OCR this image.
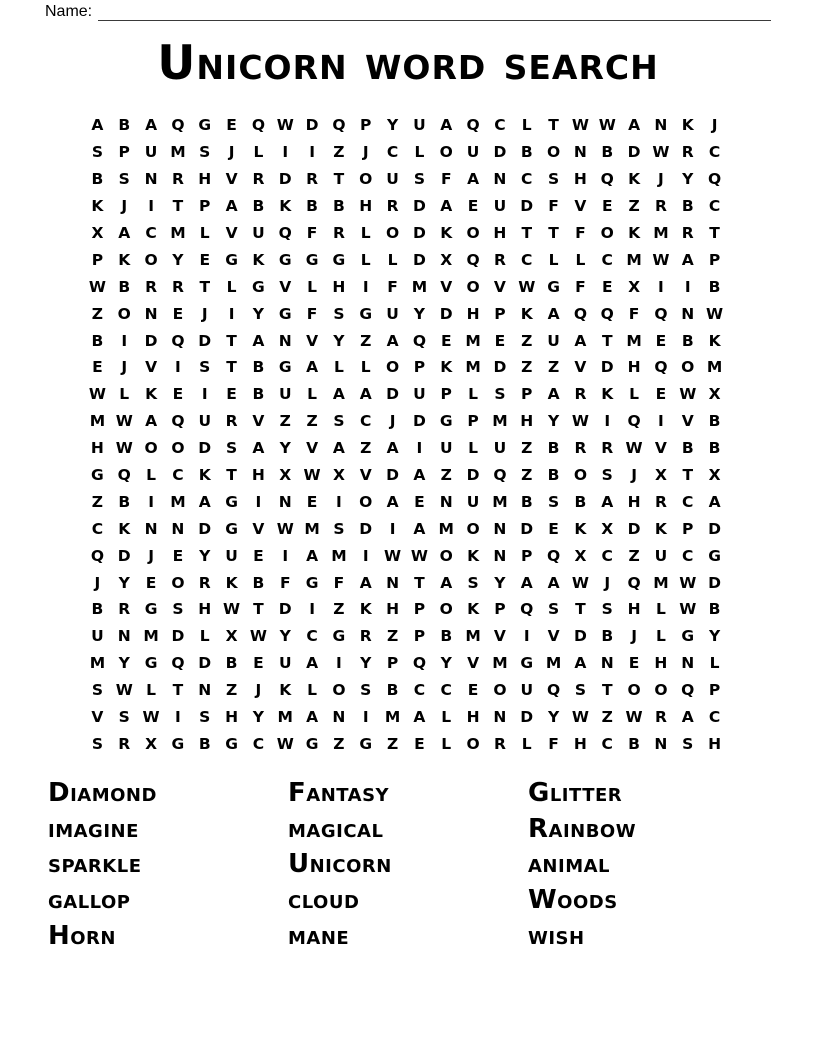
Name:
Unicorn word search
A B A Q G E Q W D Q P	Y U A Q C	L	T W W A N K	J
S	P U M S	J	L	I	I	Z	J	C	L O U D B O N B D W R C
B S N R H V R D R	T O U S	F	A N C	S H Q K	J	Y Q
K	J	I	T	P A B K B B H R D A	E U D F	V	E	Z R B C
X A C M L	V U Q F	R	L O D K O H T	T	F O K M R	T
P K O Y	E G K G G G	L	L D X Q R C	L	L	C M W A P
W B R R	T	L	G V	L H	I	F M V O V W G F	E	X	I	I	B
Z O N E	J	I	Y G F	S G U Y D H P K A Q Q F Q N W
B	I	D Q D T	A N V Y	Z A Q E M E	Z U A	T M E	B K
E	J	V	I	S	T	B G A	L	L O P K M D Z	Z V D H Q O M
W L	K	E	I	E	B U	L	A A D U P	L	S	P A R K	L	E W X
M W A Q U R V Z	Z	S	C	J	D G P M H Y W I	Q	I	V B
H W O O D S A Y V A Z A	I	U	L	U Z B R R W V B B
G Q L	C K	T H X W X V D A Z D Q Z B O S	J	X	T	X
Z B	I	M A G	I	N E	I	O A	E N U M B S B A H R C A
C K N N D G V W M S D	I	A M O N D E	K X D K P D
Q D	J	E	Y U E	I	A M	I W W O K N P Q X C	Z U C G
J	Y	E O R K B	F G F	A N T	A S	Y A A W J	Q M W D
B R G S H W T D	I	Z K H P O K P Q S	T	S H L W B
U N M D L	X W Y	C G R Z	P B M V	I	V D B	J	L	G Y
M Y G Q D B	E U A	I	Y	P Q Y V M G M A N E H N L
S W L	T N Z	J	K	L O S B C C	E O U Q S	T O O Q P
V S W I	S H Y M A N	I	M A	L H N D Y W Z W R A C
S R X G B G C W G Z G Z	E	L O R	L	F H C B N S H
Diamond
imagine
sparkle
gallop
Horn
Fantasy
magical
Unicorn
cloud
mane
Glitter
Rainbow
animal
Woods
wish
